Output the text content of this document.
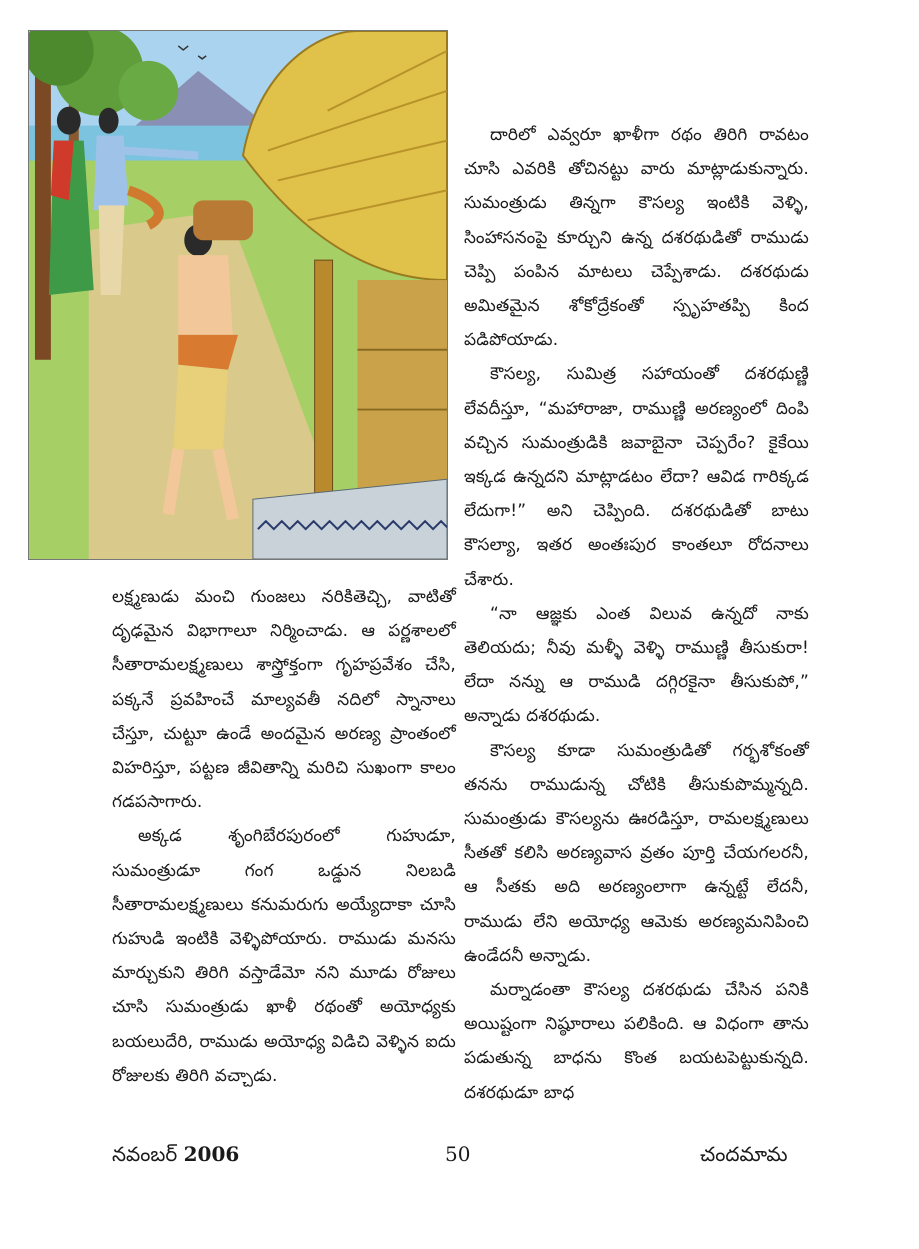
లక్ష్మణుడు మంచి గుంజలు నరికితెచ్చి, వాటితో దృఢమైన విభాగాలూ నిర్మించాడు. ఆ పర్ణశాలలో సీతారామలక్ష్మణులు శాస్త్రోక్తంగా గృహప్రవేశం చేసి, పక్కనే ప్రవహించే మాల్యవతీ నదిలో స్నానాలు చేస్తూ, చుట్టూ ఉండే అందమైన అరణ్య ప్రాంతంలో విహరిస్తూ, పట్టణ జీవితాన్ని మరిచి సుఖంగా కాలం గడపసాగారు.

అక్కడ శృంగిబేరపురంలో గుహుడూ, సుమంత్రుడూ గంగ ఒడ్డున నిలబడి సీతారామలక్ష్మణులు కనుమరుగు అయ్యేదాకా చూసి గుహుడి ఇంటికి వెళ్ళిపోయారు. రాముడు మనసు మార్చుకుని తిరిగి వస్తాడేమో నని మూడు రోజులు చూసి సుమంత్రుడు ఖాళీ రథంతో అయోధ్యకు బయలుదేరి, రాముడు అయోధ్య విడిచి వెళ్ళిన ఐదు రోజులకు తిరిగి వచ్చాడు.

దారిలో ఎవ్వరూ ఖాళీగా రథం తిరిగి రావటం చూసి ఎవరికి తోచినట్టు వారు మాట్లాడుకున్నారు. సుమంత్రుడు తిన్నగా కౌసల్య ఇంటికి వెళ్ళి, సింహాసనంపై కూర్చుని ఉన్న దశరథుడితో రాముడు చెప్పి పంపిన మాటలు చెప్పేశాడు. దశరథుడు అమితమైన శోకోద్రేకంతో స్పృహతప్పి కింద పడిపోయాడు.

కౌసల్య, సుమిత్ర సహాయంతో దశరథుణ్ణి లేవదీస్తూ, “మహారాజా, రాముణ్ణి అరణ్యంలో దింపి వచ్చిన సుమంత్రుడికి జవాబైనా చెప్పరేం? కైకేయి ఇక్కడ ఉన్నదని మాట్లాడటం లేదా? ఆవిడ గారిక్కడ లేదుగా!” అని చెప్పింది. దశరథుడితో బాటు కౌసల్యా, ఇతర అంతఃపుర కాంతలూ రోదనాలు చేశారు.

“నా ఆజ్ఞకు ఎంత విలువ ఉన్నదో నాకు తెలియదు; నీవు మళ్ళీ వెళ్ళి రాముణ్ణి తీసుకురా! లేదా నన్ను ఆ రాముడి దగ్గిరకైనా తీసుకుపో,” అన్నాడు దశరథుడు.

కౌసల్య కూడా సుమంత్రుడితో గర్భశోకంతో తనను రాముడున్న చోటికి తీసుకుపొమ్మన్నది. సుమంత్రుడు కౌసల్యను ఊరడిస్తూ, రామలక్ష్మణులు సీతతో కలిసి అరణ్యవాస వ్రతం పూర్తి చేయగలరనీ, ఆ సీతకు అది అరణ్యంలాగా ఉన్నట్టే లేదనీ, రాముడు లేని అయోధ్య ఆమెకు అరణ్యమనిపించి ఉండేదనీ అన్నాడు.

మర్నాడంతా కౌసల్య దశరథుడు చేసిన పనికి అయిష్టంగా నిష్ఠూరాలు పలికింది. ఆ విధంగా తాను పడుతున్న బాధను కొంత బయటపెట్టుకున్నది. దశరథుడూ బాధ

నవంబర్ 2006	50	చందమామ
